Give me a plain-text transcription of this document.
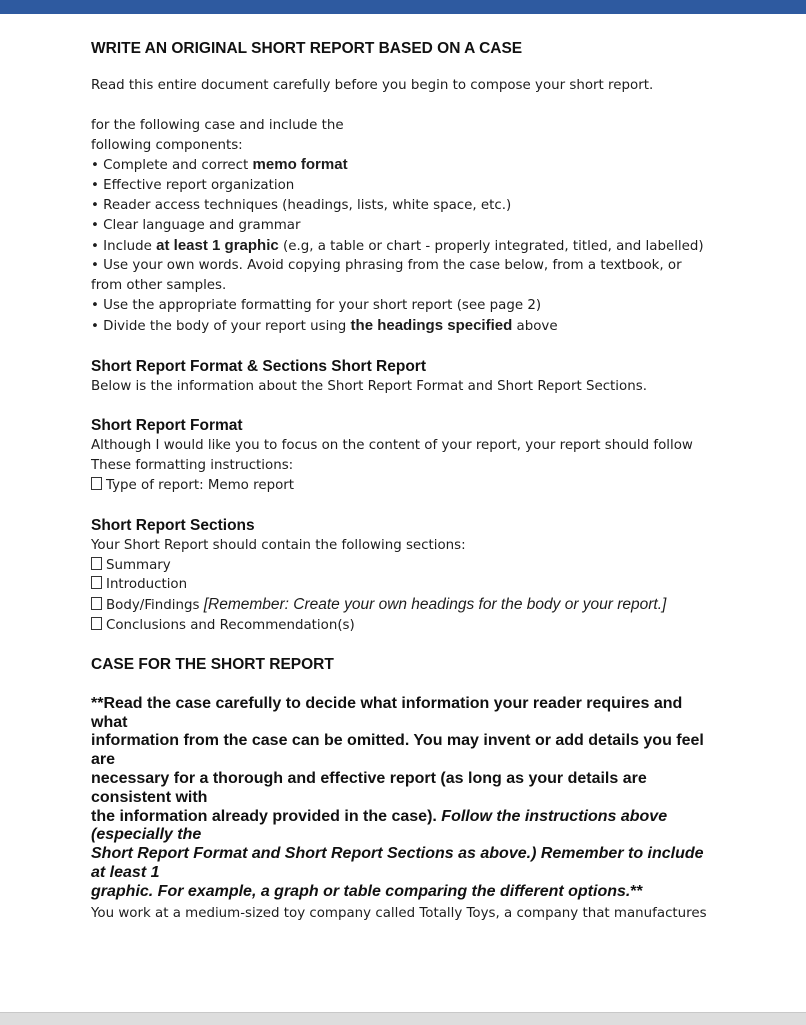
WRITE AN ORIGINAL SHORT REPORT BASED ON A CASE

Read this entire document carefully before you begin to compose your short report.

for the following case and include the

following components:

• Complete and correct memo format

• Effective report organization

• Reader access techniques (headings, lists, white space, etc.)

• Clear language and grammar

• Include at least 1 graphic (e.g, a table or chart - properly integrated, titled, and labelled)

• Use your own words. Avoid copying phrasing from the case below, from a textbook, or

from other samples.

• Use the appropriate formatting for your short report (see page 2)

• Divide the body of your report using the headings specified above

Short Report Format & Sections Short Report

Below is the information about the Short Report Format and Short Report Sections.

Short Report Format

Although I would like you to focus on the content of your report, your report should follow

These formatting instructions:

Type of report: Memo report

Short Report Sections

Your Short Report should contain the following sections:

Summary

Introduction

Body/Findings [Remember: Create your own headings for the body or your report.]

Conclusions and Recommendation(s)

CASE FOR THE SHORT REPORT
**Read the case carefully to decide what information your reader requires and
what
information from the case can be omitted. You may invent or add details you feel
are
necessary for a thorough and effective report (as long as your details are
consistent with
the information already provided in the case). Follow the instructions above
(especially the
Short Report Format and Short Report Sections as above.) Remember to include
at least 1
graphic. For example, a graph or table comparing the different options.**

You work at a medium-sized toy company called Totally Toys, a company that manufactures
